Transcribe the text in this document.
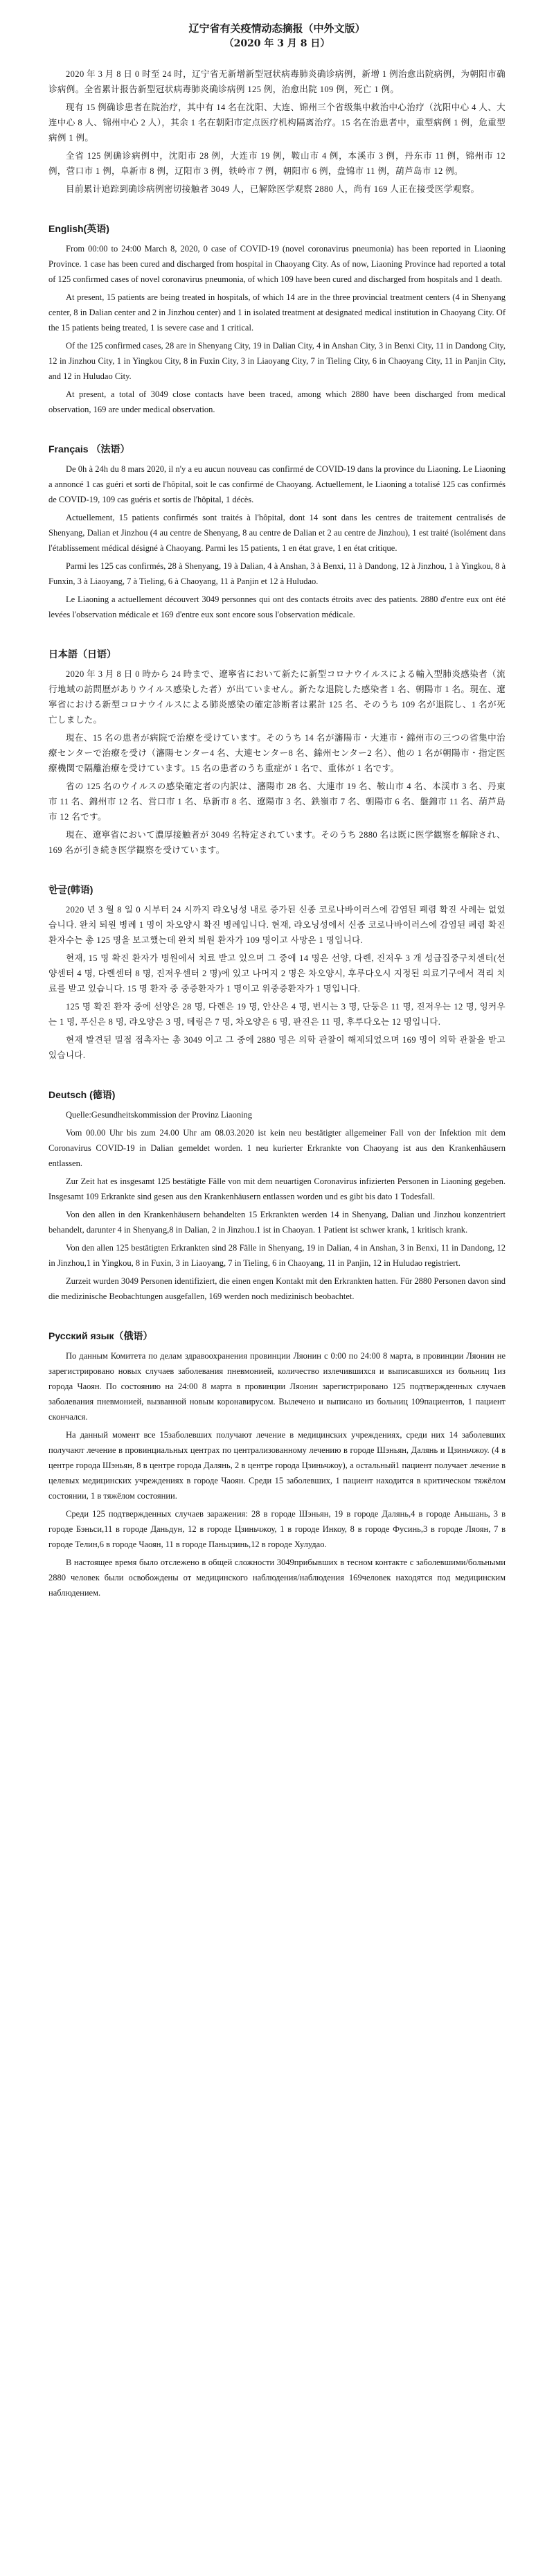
辽宁省有关疫情动态摘报（中外文版）

（2020 年 3 月 8 日）

2020 年 3 月 8 日 0 时至 24 时，辽宁省无新增新型冠状病毒肺炎确诊病例，新增 1 例治愈出院病例，为朝阳市确诊病例。全省累计报告新型冠状病毒肺炎确诊病例 125 例，治愈出院 109 例，死亡 1 例。

现有 15 例确诊患者在院治疗，其中有 14 名在沈阳、大连、锦州三个省级集中救治中心治疗（沈阳中心 4 人、大连中心 8 人、锦州中心 2 人），其余 1 名在朝阳市定点医疗机构隔离治疗。15 名在治患者中，重型病例 1 例，危重型病例 1 例。

全省 125 例确诊病例中，沈阳市 28 例，大连市 19 例，鞍山市 4 例，本溪市 3 例，丹东市 11 例，锦州市 12 例，营口市 1 例，阜新市 8 例，辽阳市 3 例，铁岭市 7 例，朝阳市 6 例，盘锦市 11 例，葫芦岛市 12 例。

目前累计追踪到确诊病例密切接触者 3049 人，已解除医学观察 2880 人，尚有 169 人正在接受医学观察。

English(英语)

From 00:00 to 24:00 March 8, 2020, 0 case of COVID-19 (novel coronavirus pneumonia) has been reported in Liaoning Province. 1 case has been cured and discharged from hospital in Chaoyang City. As of now, Liaoning Province had reported a total of 125 confirmed cases of novel coronavirus pneumonia, of which 109 have been cured and discharged from hospitals and 1 death.

At present, 15 patients are being treated in hospitals, of which 14 are in the three provincial treatment centers (4 in Shenyang center, 8 in Dalian center and 2 in Jinzhou center) and 1 in isolated treatment at designated medical institution in Chaoyang City. Of the 15 patients being treated, 1 is severe case and 1 critical.

Of the 125 confirmed cases, 28 are in Shenyang City, 19 in Dalian City, 4 in Anshan City, 3 in Benxi City, 11 in Dandong City, 12 in Jinzhou City, 1 in Yingkou City, 8 in Fuxin City, 3 in Liaoyang City, 7 in Tieling City, 6 in Chaoyang City, 11 in Panjin City, and 12 in Huludao City.

At present, a total of 3049 close contacts have been traced, among which 2880 have been discharged from medical observation, 169 are under medical observation.

Français （法语）

De 0h à 24h du 8 mars 2020, il n'y a eu aucun nouveau cas confirmé de COVID-19 dans la province du Liaoning. Le Liaoning a annoncé 1 cas guéri et sorti de l'hôpital, soit le cas confirmé de Chaoyang. Actuellement, le Liaoning a totalisé 125 cas confirmés de COVID-19, 109 cas guéris et sortis de l'hôpital, 1 décès.

Actuellement, 15 patients confirmés sont traités à l'hôpital, dont 14 sont dans les centres de traitement centralisés de Shenyang, Dalian et Jinzhou (4 au centre de Shenyang, 8 au centre de Dalian et 2 au centre de Jinzhou), 1 est traité (isolément dans l'établissement médical désigné à Chaoyang. Parmi les 15 patients, 1 en état grave, 1 en état critique.

Parmi les 125 cas confirmés, 28 à Shenyang, 19 à Dalian, 4 à Anshan, 3 à Benxi, 11 à Dandong, 12 à Jinzhou, 1 à Yingkou, 8 à Funxin, 3 à Liaoyang, 7 à Tieling, 6 à Chaoyang, 11 à Panjin et 12 à Huludao.

Le Liaoning a actuellement découvert 3049 personnes qui ont des contacts étroits avec des patients. 2880 d'entre eux ont été levées l'observation médicale et 169 d'entre eux sont encore sous l'observation médicale.

日本語（日语）

2020 年 3 月 8 日 0 時から 24 時まで、遼寧省において新たに新型コロナウイルスによる輸入型肺炎感染者（流行地域の訪問歴がありウイルス感染した者）が出ていません。新たな退院した感染者 1 名、朝陽市 1 名。現在、遼寧省における新型コロナウイルスによる肺炎感染の確定診断者は累計 125 名、そのうち 109 名が退院し、1 名が死亡しました。

現在、15 名の患者が病院で治療を受けています。そのうち 14 名が瀋陽市・大連市・錦州市の三つの省集中治療センターで治療を受け（瀋陽センター4 名、大連センター8 名、錦州センター2 名）、他の 1 名が朝陽市・指定医療機関で隔離治療を受けています。15 名の患者のうち重症が 1 名で、重体が 1 名です。

省の 125 名のウイルスの感染確定者の内訳は、瀋陽市 28 名、大連市 19 名、鞍山市 4 名、本渓市 3 名、丹東市 11 名、錦州市 12 名、営口市 1 名、阜新市 8 名、遼陽市 3 名、鉄嶺市 7 名、朝陽市 6 名、盤錦市 11 名、葫芦島市 12 名です。

現在、遼寧省において濃厚接触者が 3049 名特定されています。そのうち 2880 名は既に医学観察を解除され、169 名が引き続き医学観察を受けています。

한글(韩语)

2020 년 3 월 8 일 0 시부터 24 시까지 랴오닝성 내로 증가된 신종 코로나바이러스에 감염된 폐렴 확진 사례는 없었습니다. 완치 퇴원 병례 1 명이 차오양시 확진 병례입니다. 현재, 랴오닝성에서 신종 코로나바이러스에 감염된 폐렴 확진 환자수는 총 125 명을 보고했는데 완치 퇴원 환자가 109 명이고 사망은 1 명입니다.

현재, 15 명 확진 환자가 병원에서 치료 받고 있으며 그 중에 14 명은 선양, 다롄, 진저우 3 개 성급집중구치센터(선양센터 4 명, 다롄센터 8 명, 진저우센터 2 명)에 있고 나머지 2 명은 차오양시, 후루다오시 지정된 의료기구에서 격리 치료를 받고 있습니다. 15 명 환자 중 중증환자가 1 명이고 위중증환자가 1 명입니다.

125 명 확진 환자 중에 선양은 28 명, 다롄은 19 명, 안산은 4 명, 번시는 3 명, 단둥은 11 명, 진저우는 12 명, 잉커우는 1 명, 푸신은 8 명, 랴오양은 3 명, 톄링은 7 명, 차오양은 6 명, 판진은 11 명, 후루다오는 12 명입니다.

현재 발견된 밀접 접촉자는 총 3049 이고 그 중에 2880 명은 의학 관찰이 해제되었으며 169 명이 의학 관찰을 받고 있습니다.

Deutsch (德语)

Quelle:Gesundheitskommission der Provinz Liaoning

Vom 00.00 Uhr bis zum 24.00 Uhr am 08.03.2020 ist kein neu bestätigter allgemeiner Fall von der Infektion mit dem Coronavirus COVID-19 in Dalian gemeldet worden. 1 neu kurierter Erkrankte von Chaoyang ist aus den Krankenhäusern entlassen.

Zur Zeit hat es insgesamt 125 bestätigte Fälle von mit dem neuartigen Coronavirus infizierten Personen in Liaoning gegeben. Insgesamt 109 Erkrankte sind gesen aus den Krankenhäusern entlassen worden und es gibt bis dato 1 Todesfall.

Von den allen in den Krankenhäusern behandelten 15 Erkrankten werden 14 in Shenyang, Dalian und Jinzhou konzentriert behandelt, darunter 4 in Shenyang,8 in Dalian, 2 in Jinzhou.1 ist in Chaoyan. 1 Patient ist schwer krank, 1 kritisch krank.

Von den allen 125 bestätigten Erkrankten sind 28 Fälle in Shenyang, 19 in Dalian, 4 in Anshan, 3 in Benxi, 11 in Dandong, 12 in Jinzhou,1 in Yingkou, 8 in Fuxin, 3 in Liaoyang, 7 in Tieling, 6 in Chaoyang, 11 in Panjin, 12 in Huludao registriert.

Zurzeit wurden 3049 Personen identifiziert, die einen engen Kontakt mit den Erkrankten hatten. Für 2880 Personen davon sind die medizinische Beobachtungen ausgefallen, 169 werden noch medizinisch beobachtet.

Русский язык（俄语）

По данным Комитета по делам здравоохранения провинции Ляонин с 0:00 по 24:00 8 марта, в провинции Ляонин не зарегистрировано новых случаев заболевания пневмонией, количество излечившихся и выписавшихся из больниц 1из города Чаоян. По состоянию на 24:00 8 марта в провинции Ляонин зарегистрировано 125 подтвержденных случаев заболевания пневмонией, вызванной новым коронавирусом. Вылечено и выписано из больниц 109пациентов, 1 пациент скончался.

На данный момент все 15заболевших получают лечение в медицинских учреждениях, среди них 14 заболевших получают лечение в провинциальных центрах по централизованному лечению в городе Шэньян, Далянь и Цзиньчжоу. (4 в центре города Шэньян, 8 в центре города Далянь, 2 в центре города Цзиньчжоу), а остальный1 пациент получает лечение в целевых медицинских учреждениях в городе Чаоян. Среди 15 заболевших, 1 пациент находится в критическом тяжёлом состоянии, 1 в тяжёлом состоянии.

Среди 125 подтвержденных случаев заражения: 28 в городе Шэньян, 19 в городе Далянь,4 в городе Аньшань, 3 в городе Бэньси,11 в городе Даньдун, 12 в городе Цзиньчжоу, 1 в городе Инкоу, 8 в городе Фусинь,3 в городе Ляоян, 7 в городе Телин,6 в городе Чаоян, 11 в городе Паньцзинь,12 в городе Хулудао.

В настоящее время было отслежено в общей сложности 3049прибывших в тесном контакте с заболевшими/больными 2880 человек были освобождены от медицинского наблюдения/наблюдения 169человек находятся под медицинским наблюдением.
